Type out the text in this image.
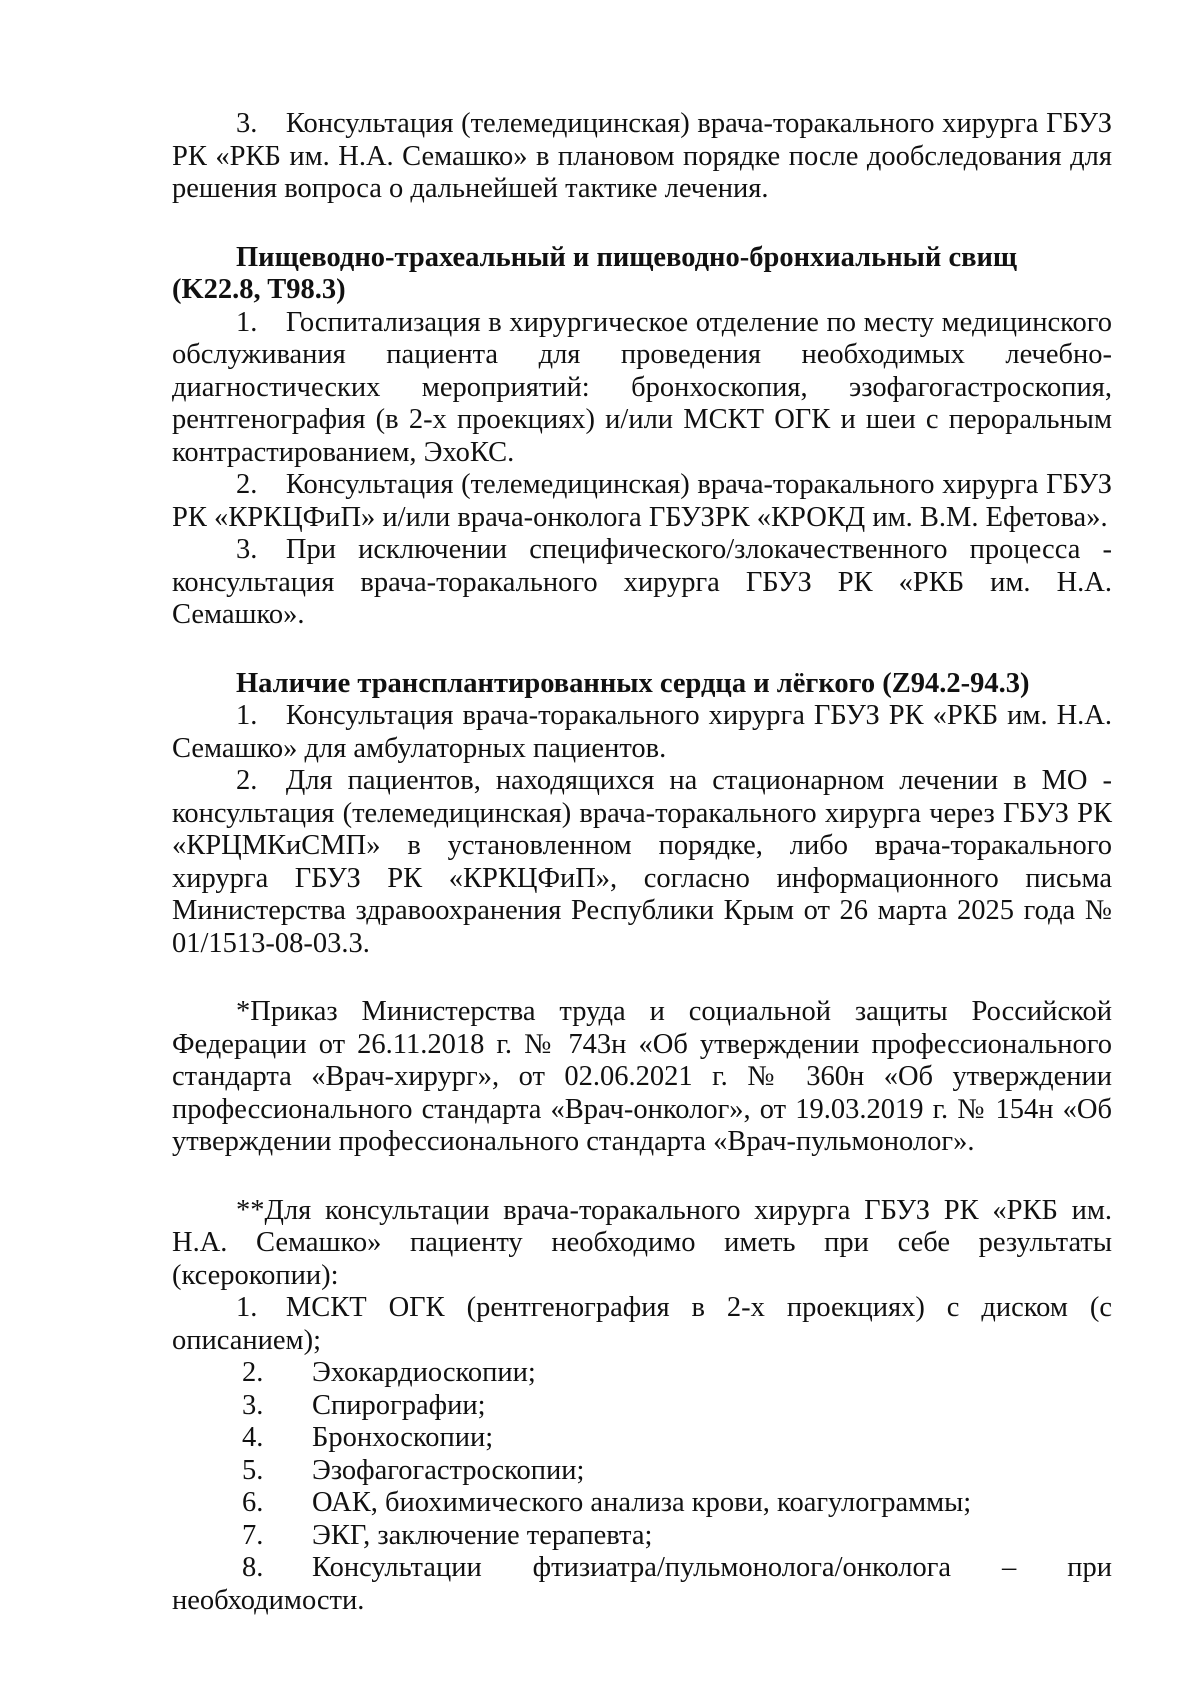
3. Консультация (телемедицинская) врача-торакального хирурга ГБУЗ РК «РКБ им. Н.А. Семашко» в плановом порядке после дообследования для решения вопроса о дальнейшей тактике лечения.

Пищеводно-трахеальный и пищеводно-бронхиальный свищ (K22.8, T98.3)

1. Госпитализация в хирургическое отделение по месту медицинского обслуживания пациента для проведения необходимых лечебно-диагностических мероприятий: бронхоскопия, эзофагогастроскопия, рентгенография (в 2-х проекциях) и/или МСКТ ОГК и шеи с пероральным контрастированием, ЭхоКС.

2. Консультация (телемедицинская) врача-торакального хирурга ГБУЗ РК «КРКЦФиП» и/или врача-онколога ГБУЗРК «КРОКД им. В.М. Ефетова».

3. При исключении специфического/злокачественного процесса - консультация врача-торакального хирурга ГБУЗ РК «РКБ им. Н.А. Семашко».

Наличие трансплантированных сердца и лёгкого (Z94.2-94.3)

1. Консультация врача-торакального хирурга ГБУЗ РК «РКБ им. Н.А. Семашко» для амбулаторных пациентов.

2. Для пациентов, находящихся на стационарном лечении в МО - консультация (телемедицинская) врача-торакального хирурга через ГБУЗ РК «КРЦМКиСМП» в установленном порядке, либо врача-торакального хирурга ГБУЗ РК «КРКЦФиП», согласно информационного письма Министерства здравоохранения Республики Крым от 26 марта 2025 года № 01/1513-08-03.3.

*Приказ Министерства труда и социальной защиты Российской Федерации от 26.11.2018 г. № 743н «Об утверждении профессионального стандарта «Врач-хирург», от 02.06.2021 г. № 360н «Об утверждении профессионального стандарта «Врач-онколог», от 19.03.2019 г. № 154н «Об утверждении профессионального стандарта «Врач-пульмонолог».

**Для консультации врача-торакального хирурга ГБУЗ РК «РКБ им. Н.А. Семашко» пациенту необходимо иметь при себе результаты (ксерокопии):

1. МСКТ ОГК (рентгенография в 2-х проекциях) с диском (с описанием);

2.	Эхокардиоскопии;
3.	Спирографии;
4.	Бронхоскопии;
5.	Эзофагогастроскопии;
6.	ОАК, биохимического анализа крови, коагулограммы;
7.	ЭКГ, заключение терапевта;
8.	Консультации фтизиатра/пульмонолога/онколога – при

необходимости.
